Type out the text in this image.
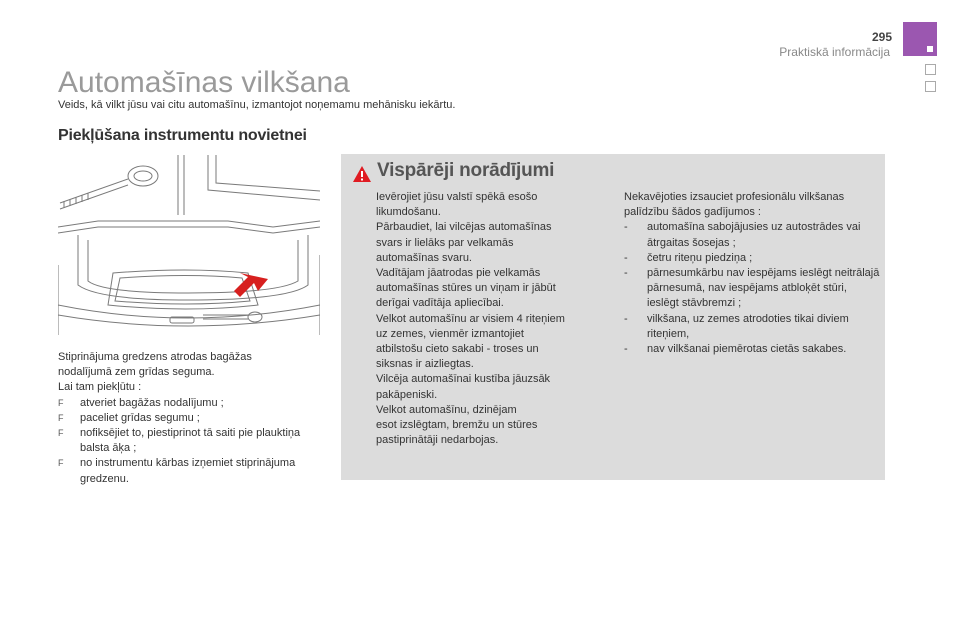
295
Praktiskā informācija
Automašīnas vilkšana
Veids, kā vilkt jūsu vai citu automašīnu, izmantojot noņemamu mehānisku iekārtu.
Piekļūšana instrumentu novietnei

Stiprinājuma gredzens atrodas bagāžas

nodalījumā zem grīdas seguma.

Lai tam piekļūtu :

F atveriet bagāžas nodalījumu ;
F paceliet grīdas segumu ;
F nofiksējiet to, piestiprinot tā saiti pie plauktiņa balsta āķa ;
F no instrumentu kārbas izņemiet stiprinājuma gredzenu.
Vispārēji norādījumi

Ievērojiet jūsu valstī spēkā esošo

likumdošanu.

Pārbaudiet, lai vilcējas automašīnas

svars ir lielāks par velkamās

automašīnas svaru.

Vadītājam jāatrodas pie velkamās

automašīnas stūres un viņam ir jābūt

derīgai vadītāja apliecībai.

Velkot automašīnu ar visiem 4 riteņiem

uz zemes, vienmēr izmantojiet

atbilstošu cieto sakabi - troses un

siksnas ir aizliegtas.

Vilcēja automašīnai kustība jāuzsāk

pakāpeniski.

Velkot automašīnu, dzinējam

esot izslēgtam, bremžu un stūres

pastiprinātāji nedarbojas.

Nekavējoties izsauciet profesionālu vilkšanas

palīdzību šādos gadījumos :

- automašīna sabojājusies uz autostrādes vai ātrgaitas šosejas ;
- četru riteņu piedziņa ;
- pārnesumkārbu nav iespējams ieslēgt neitrālajā pārnesumā, nav iespējams atbloķēt stūri, ieslēgt stāvbremzi ;
- vilkšana, uz zemes atrodoties tikai diviem riteņiem,
- nav vilkšanai piemērotas cietās sakabes.
